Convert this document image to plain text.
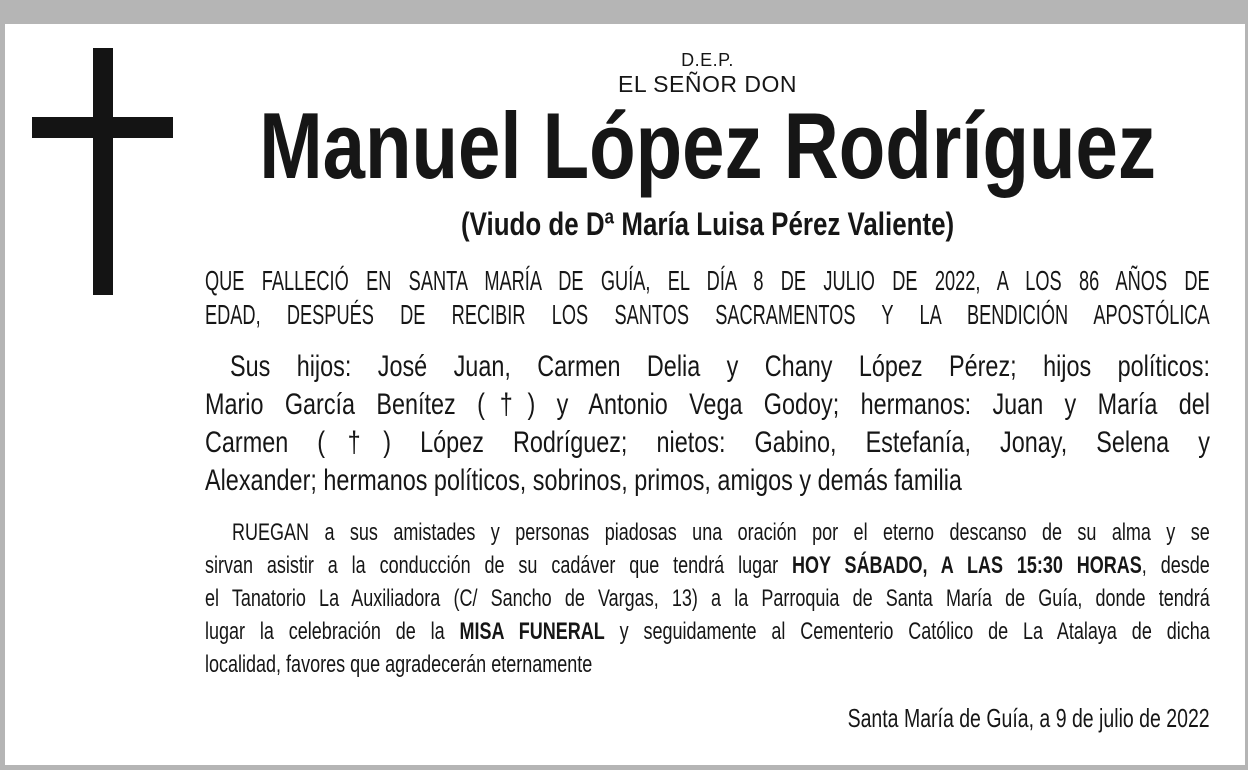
D.E.P.
EL SEÑOR DON
Manuel López Rodríguez
(Viudo de Dª María Luisa Pérez Valiente)
QUE FALLECIÓ EN SANTA MARÍA DE GUÍA, EL DÍA 8 DE JULIO DE 2022, A LOS 86 AÑOS DE
EDAD, DESPUÉS DE RECIBIR LOS SANTOS SACRAMENTOS Y LA BENDICIÓN APOSTÓLICA
Sus hijos: José Juan, Carmen Delia y Chany López Pérez; hijos políticos:
Mario García Benítez (†) y Antonio Vega Godoy; hermanos: Juan y María del
Carmen (†) López Rodríguez; nietos: Gabino, Estefanía, Jonay, Selena y
Alexander; hermanos políticos, sobrinos, primos, amigos y demás familia
RUEGAN a sus amistades y personas piadosas una oración por el eterno descanso de su alma y se
sirvan asistir a la conducción de su cadáver que tendrá lugar HOY SÁBADO, A LAS 15:30 HORAS, desde
el Tanatorio La Auxiliadora (C/ Sancho de Vargas, 13) a la Parroquia de Santa María de Guía, donde tendrá
lugar la celebración de la MISA FUNERAL y seguidamente al Cementerio Católico de La Atalaya de dicha
localidad, favores que agradecerán eternamente
Santa María de Guía, a 9 de julio de 2022
